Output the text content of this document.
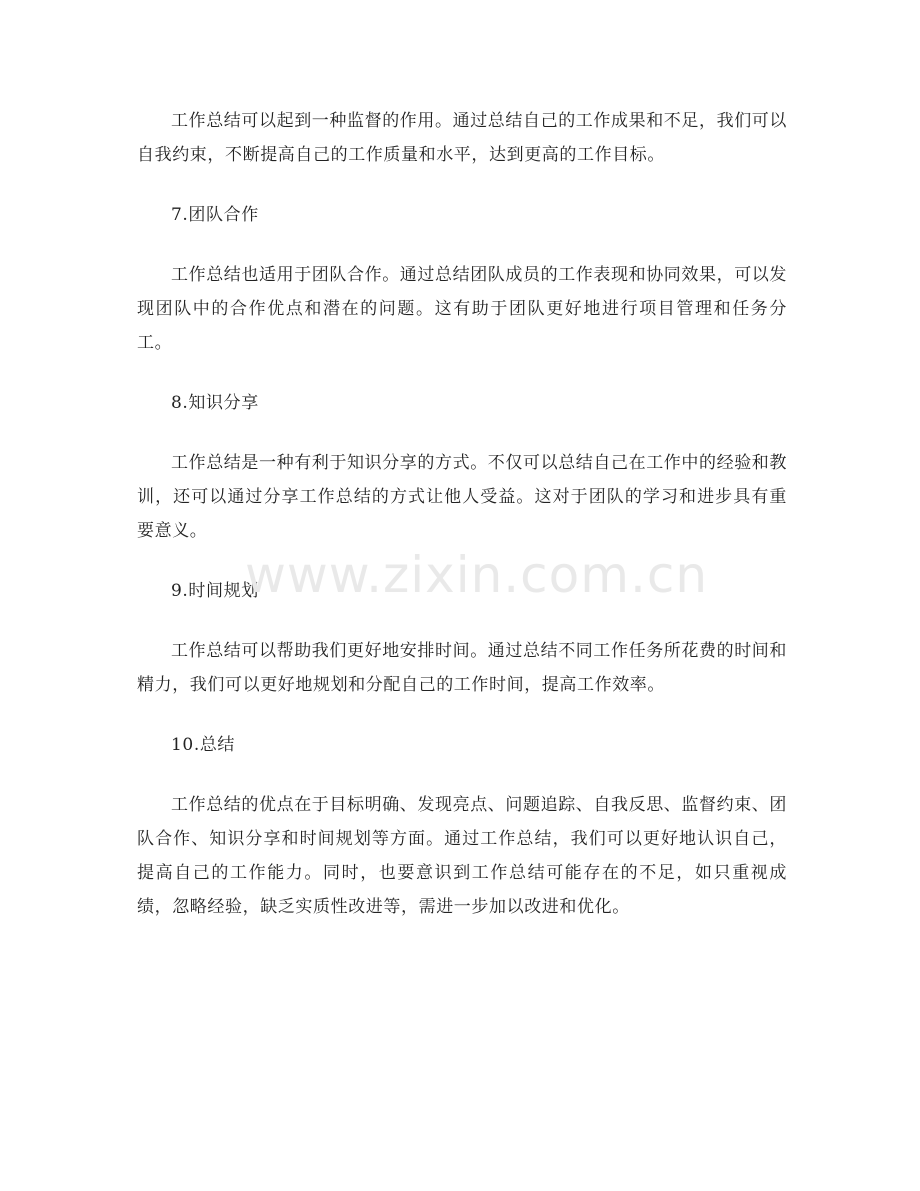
工作总结可以起到一种监督的作用。通过总结自己的工作成果和不足，我们可以自我约束，不断提高自己的工作质量和水平，达到更高的工作目标。

7.团队合作

工作总结也适用于团队合作。通过总结团队成员的工作表现和协同效果，可以发现团队中的合作优点和潜在的问题。这有助于团队更好地进行项目管理和任务分工。

8.知识分享

工作总结是一种有利于知识分享的方式。不仅可以总结自己在工作中的经验和教训，还可以通过分享工作总结的方式让他人受益。这对于团队的学习和进步具有重要意义。

9.时间规划

工作总结可以帮助我们更好地安排时间。通过总结不同工作任务所花费的时间和精力，我们可以更好地规划和分配自己的工作时间，提高工作效率。

10.总结

工作总结的优点在于目标明确、发现亮点、问题追踪、自我反思、监督约束、团队合作、知识分享和时间规划等方面。通过工作总结，我们可以更好地认识自己，提高自己的工作能力。同时，也要意识到工作总结可能存在的不足，如只重视成绩，忽略经验，缺乏实质性改进等，需进一步加以改进和优化。

www.zixin.com.cn
